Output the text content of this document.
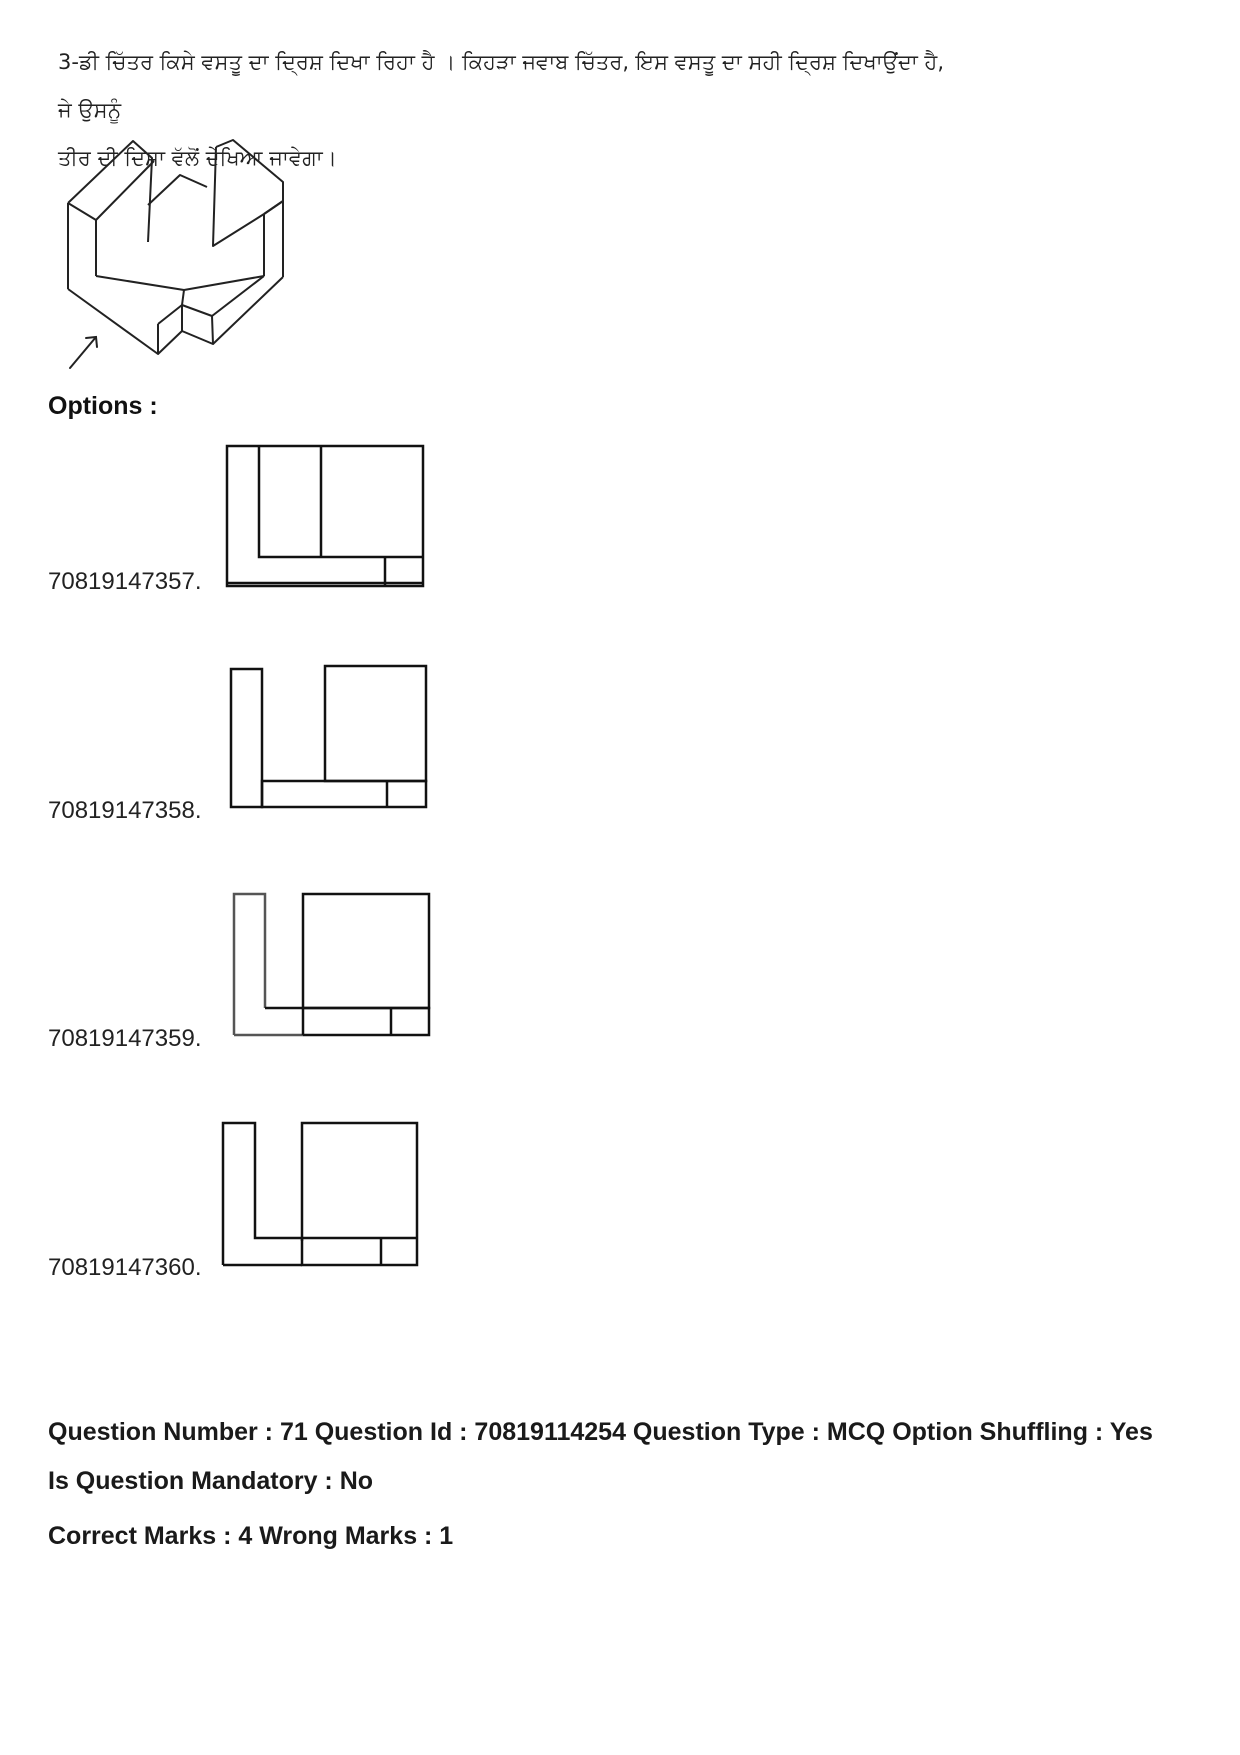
3-ਡੀ ਚਿੱਤਰ ਕਿਸੇ ਵਸਤੂ ਦਾ ਦ੍ਰਿਸ਼ ਦਿਖਾ ਰਿਹਾ ਹੈ । ਕਿਹੜਾ ਜਵਾਬ ਚਿੱਤਰ, ਇਸ ਵਸਤੂ ਦਾ ਸਹੀ ਦ੍ਰਿਸ਼ ਦਿਖਾਉਂਦਾ ਹੈ, ਜੇ ਉਸਨੂੰ
ਤੀਰ ਦੀ ਦਿਸ਼ਾ ਵੱਲੋਂ ਦੇਖਿਆ ਜਾਵੇਗਾ।
Options :
70819147357.
70819147358.
70819147359.
70819147360.
Question Number : 71 Question Id : 70819114254 Question Type : MCQ Option Shuffling : Yes
Is Question Mandatory : No
Correct Marks : 4 Wrong Marks : 1
